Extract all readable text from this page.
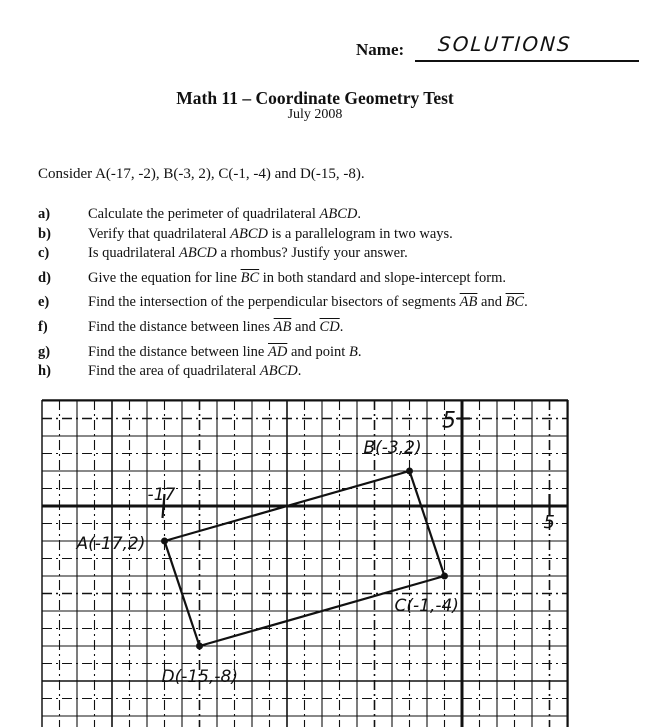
Name: SOLUTIONS
Math 11 – Coordinate Geometry Test
July 2008
Consider A(-17, -2), B(-3, 2), C(-1, -4) and D(-15, -8).
a)	Calculate the perimeter of quadrilateral ABCD.
b)	Verify that quadrilateral ABCD is a parallelogram in two ways.
c)	Is quadrilateral ABCD a rhombus? Justify your answer.
d)	Give the equation for line $\overline{BC}$ in both standard and slope-intercept form.
e)	Find the intersection of the perpendicular bisectors of segments $\overline{AB}$ and $\overline{BC}$.
f)	Find the distance between lines $\overline{AB}$ and $\overline{CD}$.
g)	Find the distance between line $\overline{AD}$ and point B.
h)	Find the area of quadrilateral ABCD.
5
5
-17
A(-17,2)
B(-3,2)
C(-1,-4)
D(-15,-8)
